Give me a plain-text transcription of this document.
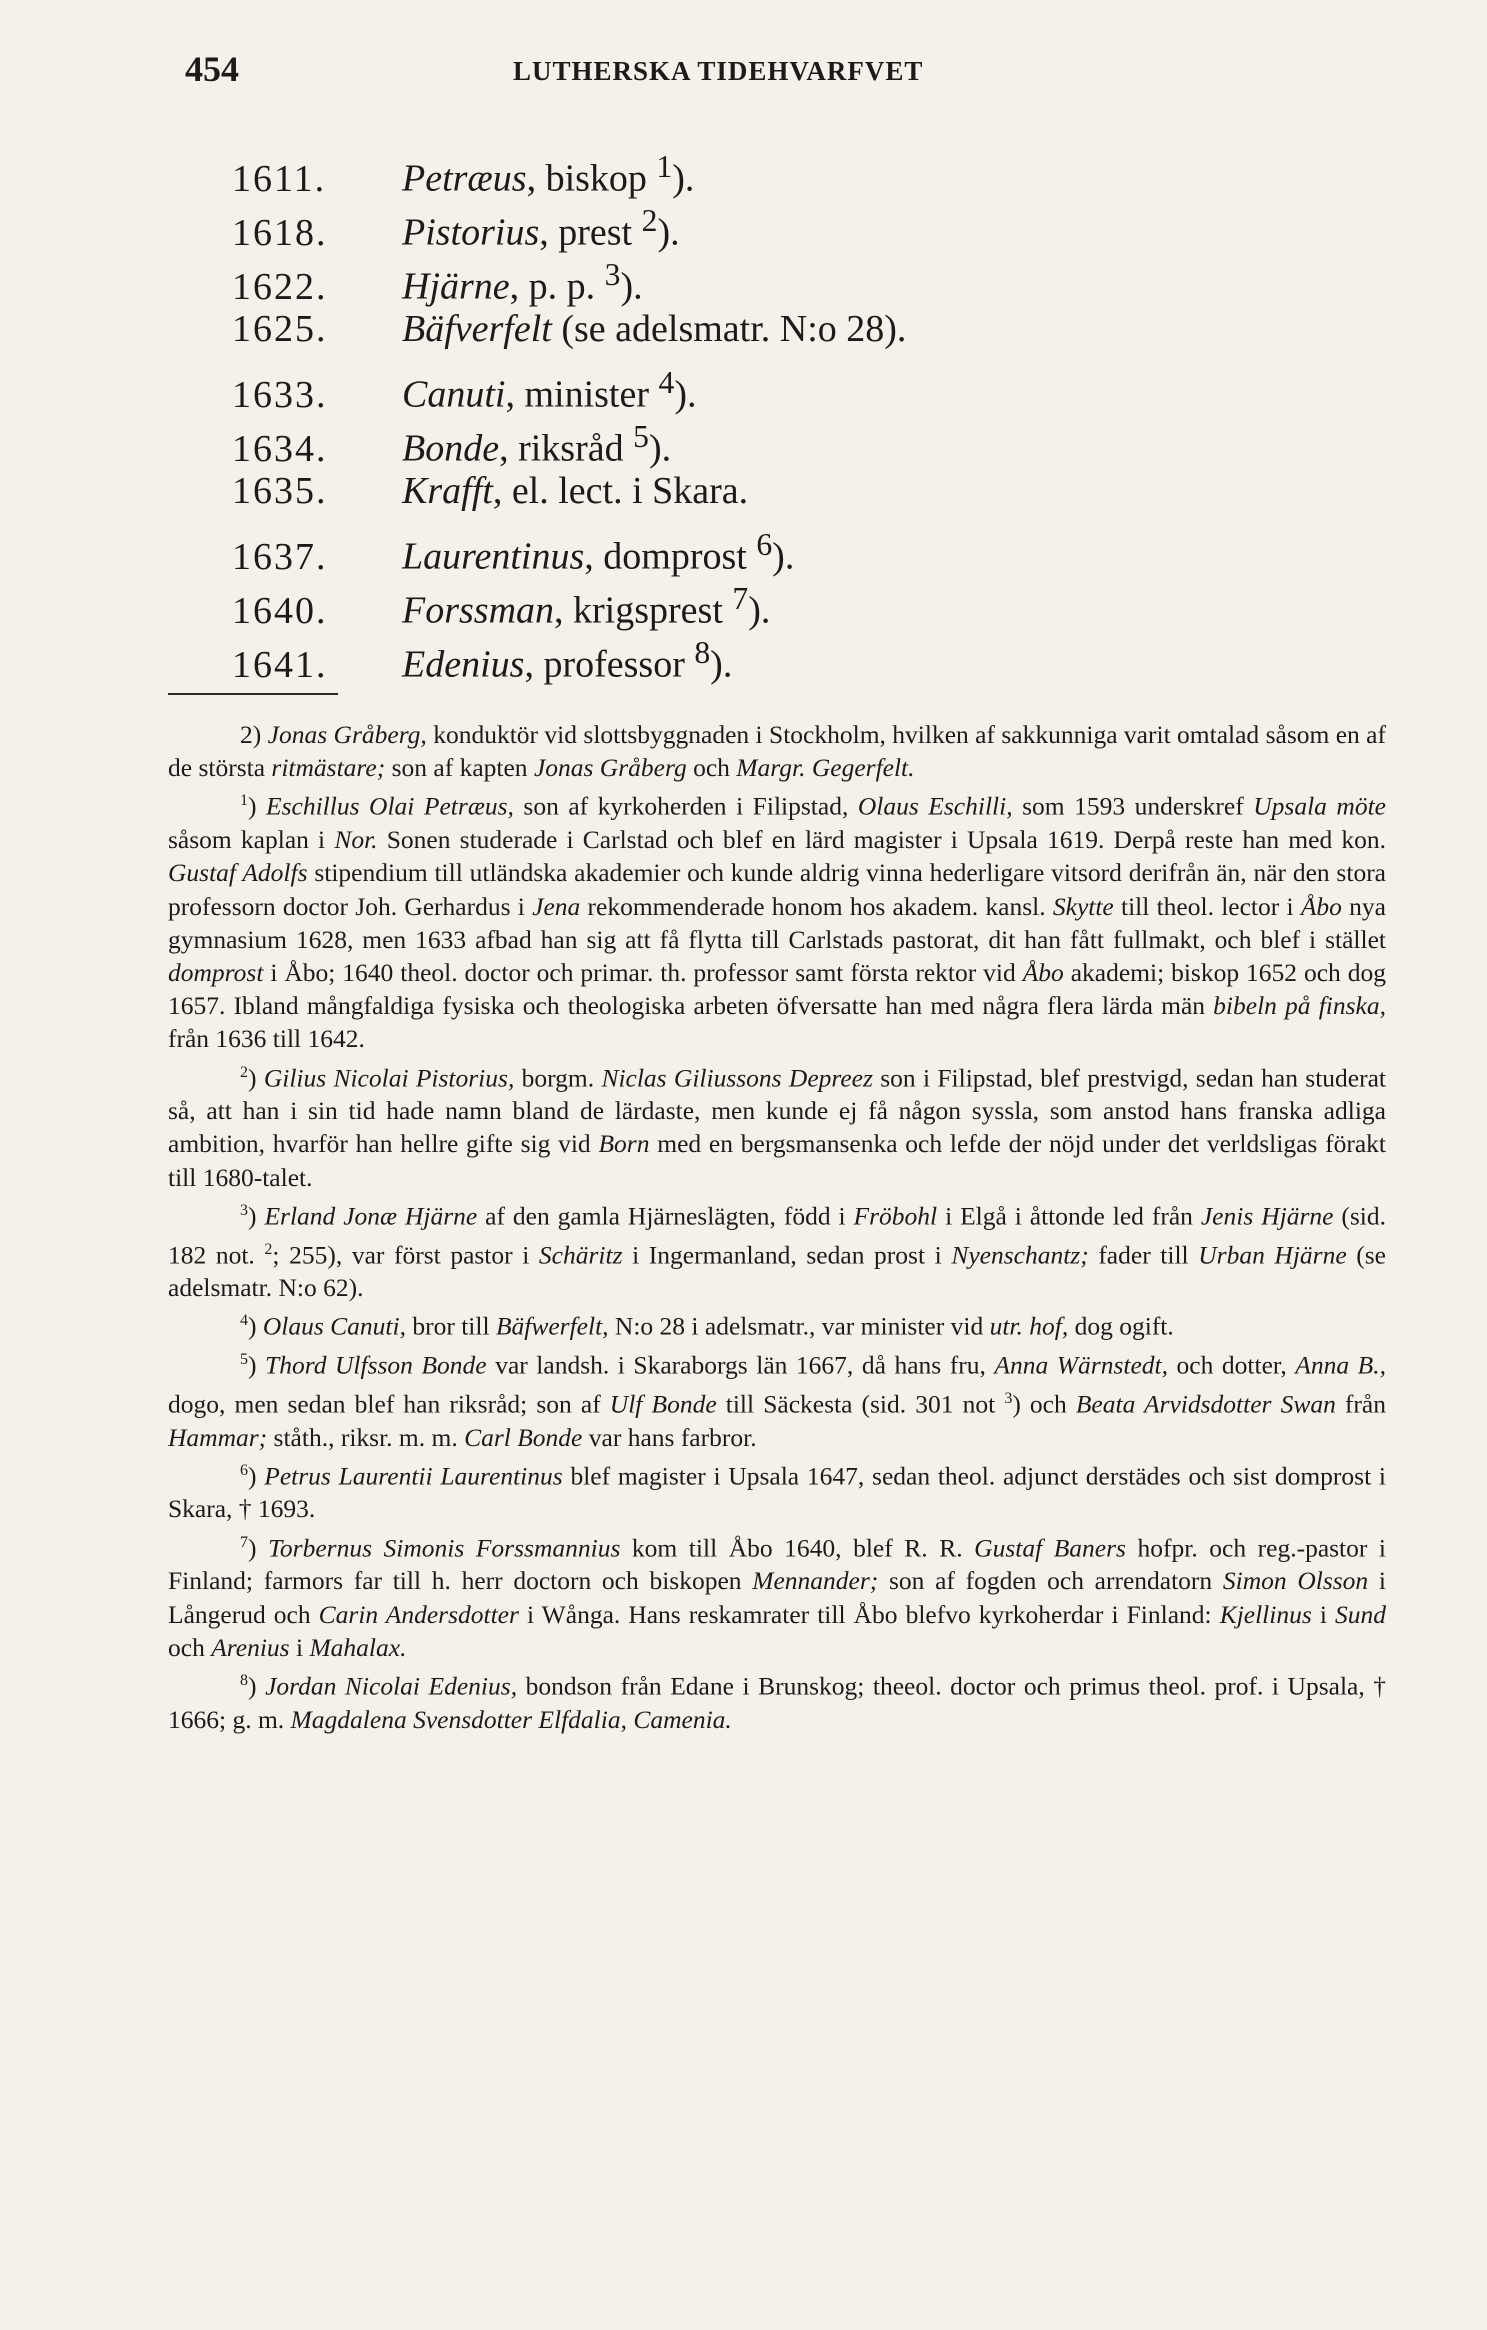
454	LUTHERSKA TIDEHVARFVET
1611. Petræus, biskop $^1$).
1618. Pistorius, prest $^2$).
1622. Hjärne, p. p. $^3$).
1625. Bäfverfelt (se adelsmatr. N:o 28).
1633. Canuti, minister $^4$).
1634. Bonde, riksråd $^5$).
1635. Krafft, el. lect. i Skara.
1637. Laurentinus, domprost $^6$).
1640. Forssman, krigsprest $^7$).
1641. Edenius, professor $^8$).

2) Jonas Gråberg, konduktör vid slottsbyggnaden i Stockholm, hvilken af sakkunniga varit omtalad såsom en af de största ritmästare; son af kapten Jonas Gråberg och Margr. Gegerfelt.

$^1$) Eschillus Olai Petræus, son af kyrkoherden i Filipstad, Olaus Eschilli, som 1593 underskref Upsala möte såsom kaplan i Nor. Sonen studerade i Carlstad och blef en lärd magister i Upsala 1619. Derpå reste han med kon. Gustaf Adolfs stipendium till utländska akademier och kunde aldrig vinna hederligare vitsord derifrån än, när den stora professorn doctor Joh. Gerhardus i Jena rekommenderade honom hos akadem. kansl. Skytte till theol. lector i Åbo nya gymnasium 1628, men 1633 afbad han sig att få flytta till Carlstads pastorat, dit han fått fullmakt, och blef i stället domprost i Åbo; 1640 theol. doctor och primar. th. professor samt första rektor vid Åbo akademi; biskop 1652 och dog 1657. Ibland mångfaldiga fysiska och theologiska arbeten öfversatte han med några flera lärda män bibeln på finska, från 1636 till 1642.

$^2$) Gilius Nicolai Pistorius, borgm. Niclas Giliussons Depreez son i Filipstad, blef prestvigd, sedan han studerat så, att han i sin tid hade namn bland de lärdaste, men kunde ej få någon syssla, som anstod hans franska adliga ambition, hvarför han hellre gifte sig vid Born med en bergsmansenka och lefde der nöjd under det verldsligas förakt till 1680-talet.

$^3$) Erland Jonæ Hjärne af den gamla Hjärneslägten, född i Fröbohl i Elgå i åttonde led från Jenis Hjärne (sid. 182 not. $^2$; 255), var först pastor i Schäritz i Ingermanland, sedan prost i Nyenschantz; fader till Urban Hjärne (se adelsmatr. N:o 62).

$^4$) Olaus Canuti, bror till Bäfwerfelt, N:o 28 i adelsmatr., var minister vid utr. hof, dog ogift.

$^5$) Thord Ulfsson Bonde var landsh. i Skaraborgs län 1667, då hans fru, Anna Wärnstedt, och dotter, Anna B., dogo, men sedan blef han riksråd; son af Ulf Bonde till Säckesta (sid. 301 not $^3$) och Beata Arvidsdotter Swan från Hammar; ståth., riksr. m. m. Carl Bonde var hans farbror.

$^6$) Petrus Laurentii Laurentinus blef magister i Upsala 1647, sedan theol. adjunct derstädes och sist domprost i Skara, † 1693.

$^7$) Torbernus Simonis Forssmannius kom till Åbo 1640, blef R. R. Gustaf Baners hofpr. och reg.-pastor i Finland; farmors far till h. herr doctorn och biskopen Mennander; son af fogden och arrendatorn Simon Olsson i Långerud och Carin Andersdotter i Wånga. Hans reskamrater till Åbo blefvo kyrkoherdar i Finland: Kjellinus i Sund och Arenius i Mahalax.

$^8$) Jordan Nicolai Edenius, bondson från Edane i Brunskog; theeol. doctor och primus theol. prof. i Upsala, † 1666; g. m. Magdalena Svensdotter Elfdalia, Camenia.
